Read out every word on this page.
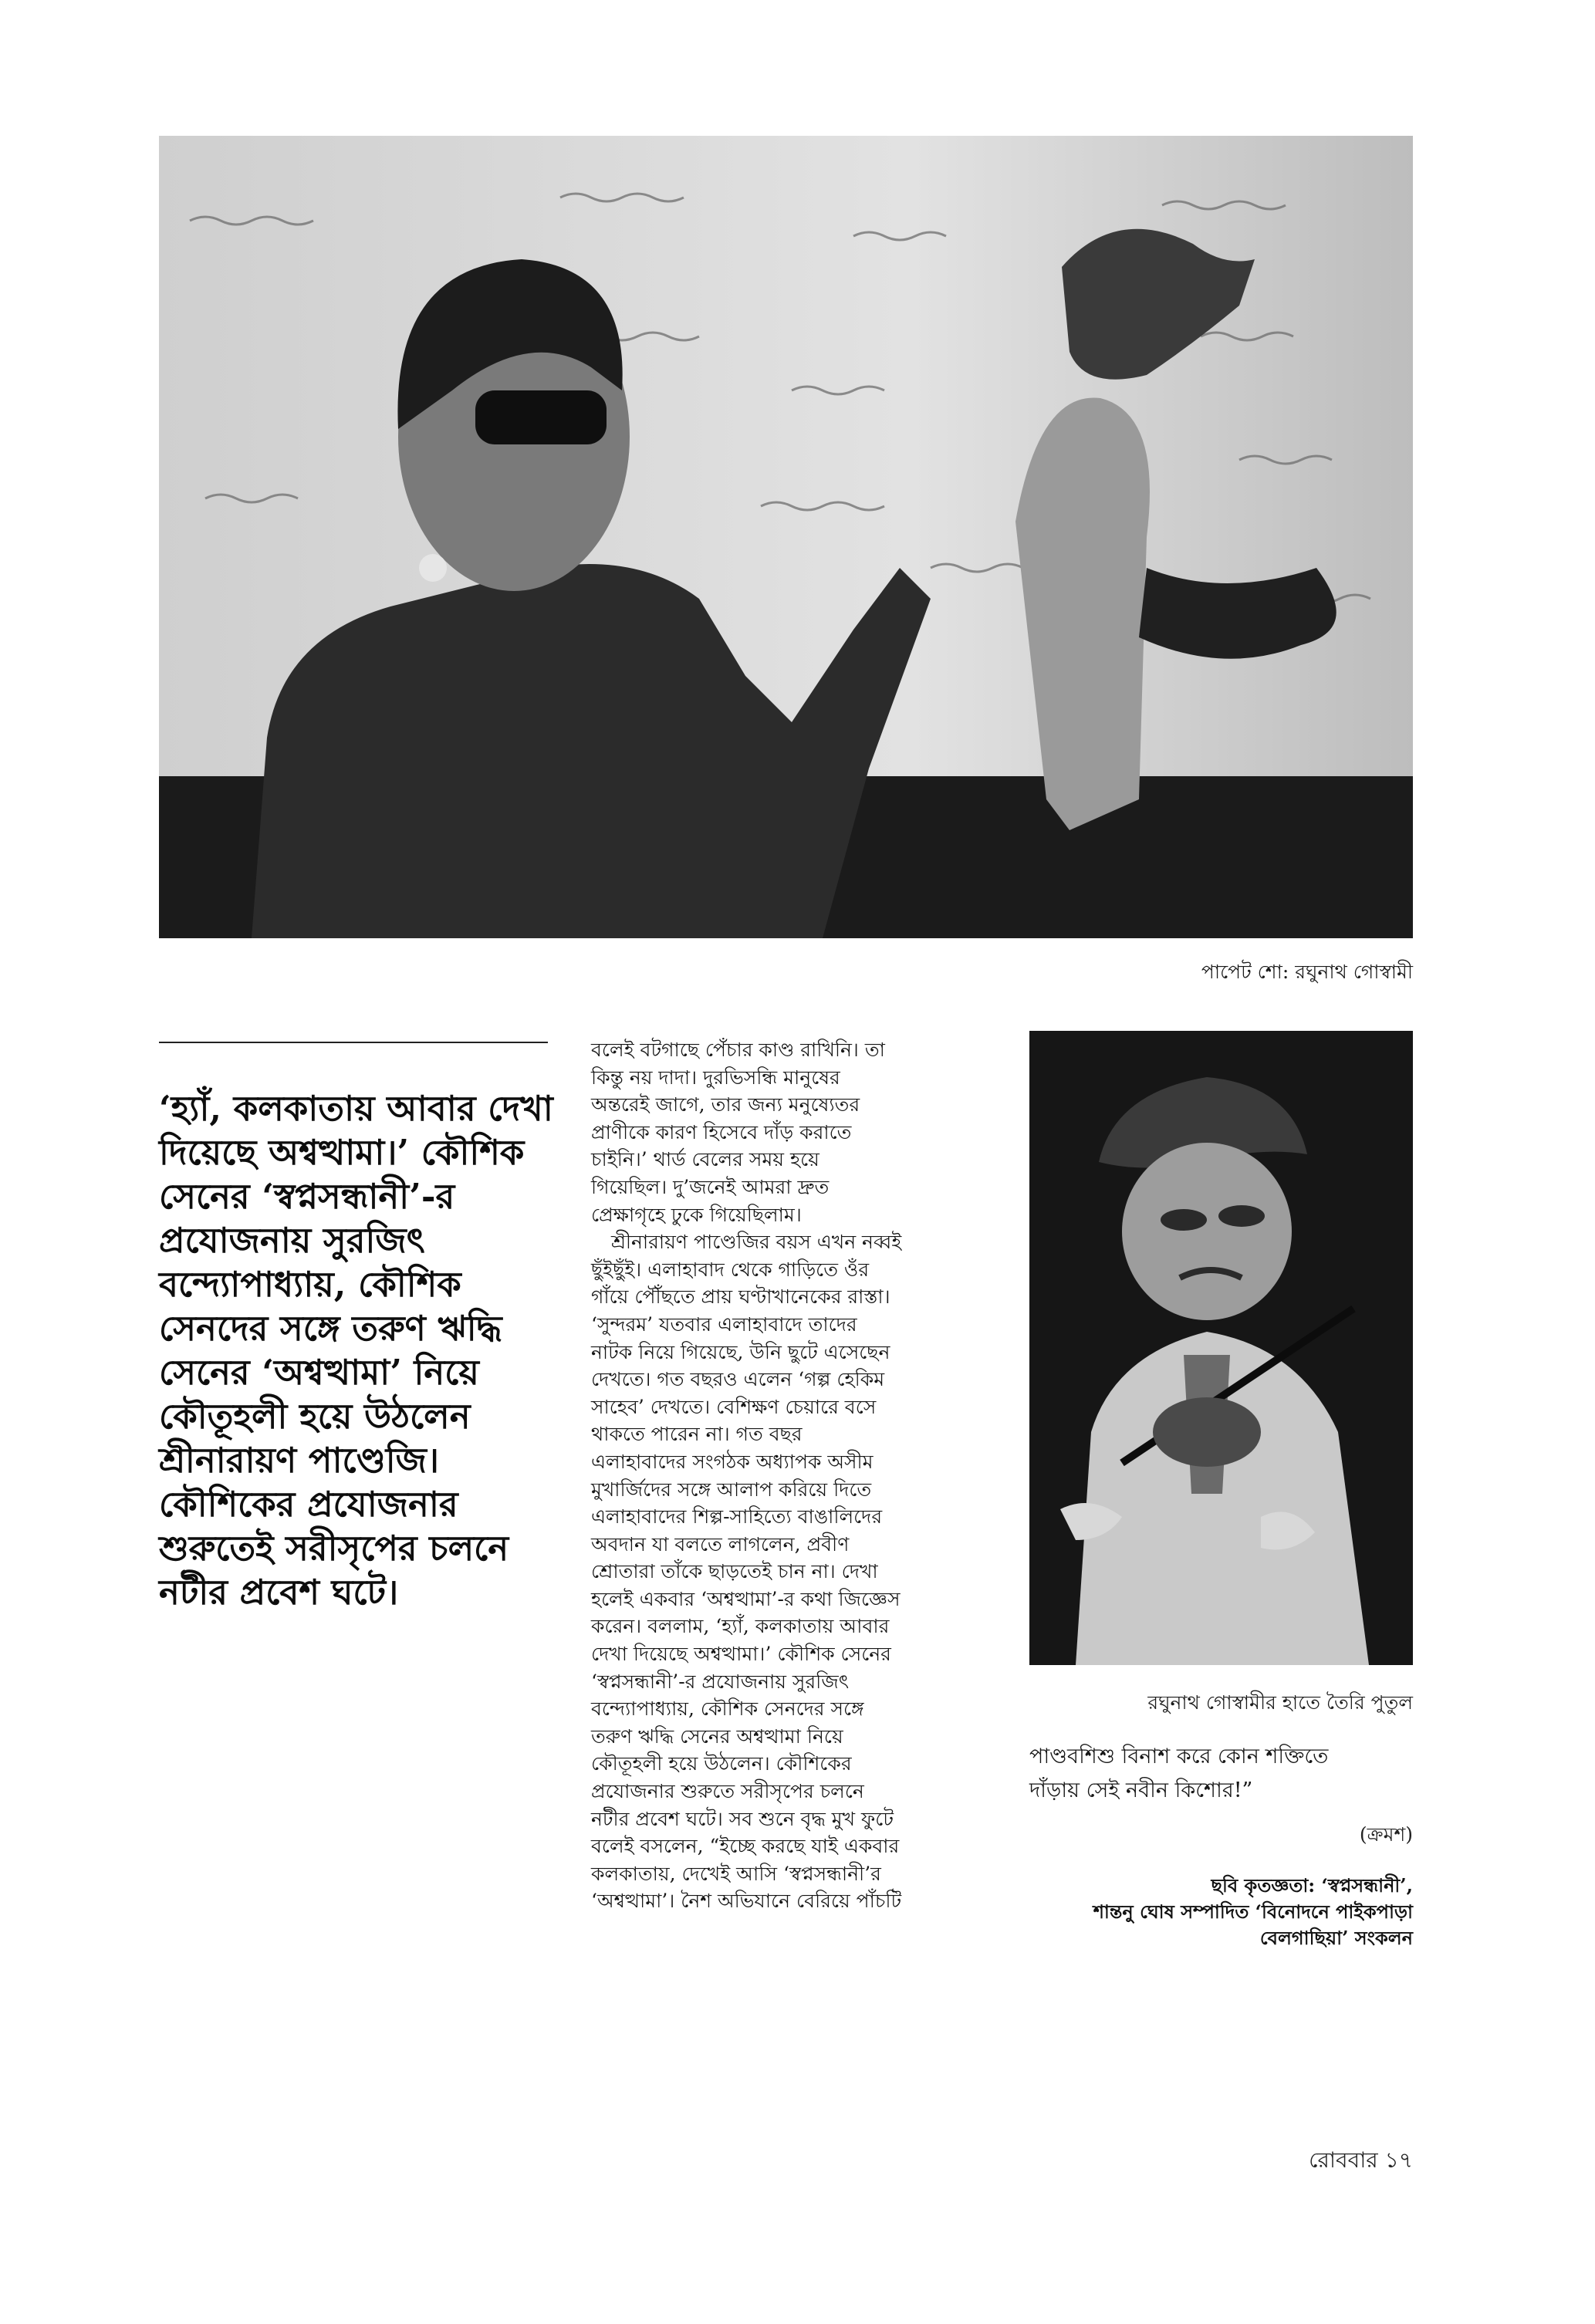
পাপেট শো: রঘুনাথ গোস্বামী
‘হ্যাঁ, কলকাতায় আবার দেখা
দিয়েছে অশ্বত্থামা।’ কৌশিক
সেনের ‘স্বপ্নসন্ধানী’-র
প্রযোজনায় সুরজিৎ
বন্দ্যোপাধ্যায়, কৌশিক
সেনদের সঙ্গে তরুণ ঋদ্ধি
সেনের ‘অশ্বত্থামা’ নিয়ে
কৌতূহলী হয়ে উঠলেন
শ্রীনারায়ণ পাণ্ডেজি।
কৌশিকের প্রযোজনার
শুরুতেই সরীসৃপের চলনে
নটীর প্রবেশ ঘটে।
বলেই বটগাছে পেঁচার কাণ্ড রাখিনি। তা
কিন্তু নয় দাদা। দুরভিসন্ধি মানুষের
অন্তরেই জাগে, তার জন্য মনুষ্যেতর
প্রাণীকে কারণ হিসেবে দাঁড় করাতে
চাইনি।’ থার্ড বেলের সময় হয়ে
গিয়েছিল। দু’জনেই আমরা দ্রুত
প্রেক্ষাগৃহে ঢুকে গিয়েছিলাম।
শ্রীনারায়ণ পাণ্ডেজির বয়স এখন নব্বই
ছুঁইছুঁই। এলাহাবাদ থেকে গাড়িতে ওঁর
গাঁয়ে পৌঁছতে প্রায় ঘণ্টাখানেকের রাস্তা।
‘সুন্দরম’ যতবার এলাহাবাদে তাদের
নাটক নিয়ে গিয়েছে, উনি ছুটে এসেছেন
দেখতে। গত বছরও এলেন ‘গল্প হেকিম
সাহেব’ দেখতে। বেশিক্ষণ চেয়ারে বসে
থাকতে পারেন না। গত বছর
এলাহাবাদের সংগঠক অধ্যাপক অসীম
মুখার্জিদের সঙ্গে আলাপ করিয়ে দিতে
এলাহাবাদের শিল্প-সাহিত্যে বাঙালিদের
অবদান যা বলতে লাগলেন, প্রবীণ
শ্রোতারা তাঁকে ছাড়তেই চান না। দেখা
হলেই একবার ‘অশ্বত্থামা’-র কথা জিজ্ঞেস
করেন। বললাম, ‘হ্যাঁ, কলকাতায় আবার
দেখা দিয়েছে অশ্বত্থামা।’ কৌশিক সেনের
‘স্বপ্নসন্ধানী’-র প্রযোজনায় সুরজিৎ
বন্দ্যোপাধ্যায়, কৌশিক সেনদের সঙ্গে
তরুণ ঋদ্ধি সেনের অশ্বত্থামা নিয়ে
কৌতূহলী হয়ে উঠলেন। কৌশিকের
প্রযোজনার শুরুতে সরীসৃপের চলনে
নটীর প্রবেশ ঘটে। সব শুনে বৃদ্ধ মুখ ফুটে
বলেই বসলেন, “ইচ্ছে করছে যাই একবার
কলকাতায়, দেখেই আসি ‘স্বপ্নসন্ধানী’র
‘অশ্বত্থামা’। নৈশ অভিযানে বেরিয়ে পাঁচটি
রঘুনাথ গোস্বামীর হাতে তৈরি পুতুল
পাণ্ডবশিশু বিনাশ করে কোন শক্তিতে
দাঁড়ায় সেই নবীন কিশোর!”
(ক্রমশ)
ছবি কৃতজ্ঞতা: ‘স্বপ্নসন্ধানী’,
শান্তনু ঘোষ সম্পাদিত ‘বিনোদনে পাইকপাড়া
বেলগাছিয়া’ সংকলন
রোববার ১৭
